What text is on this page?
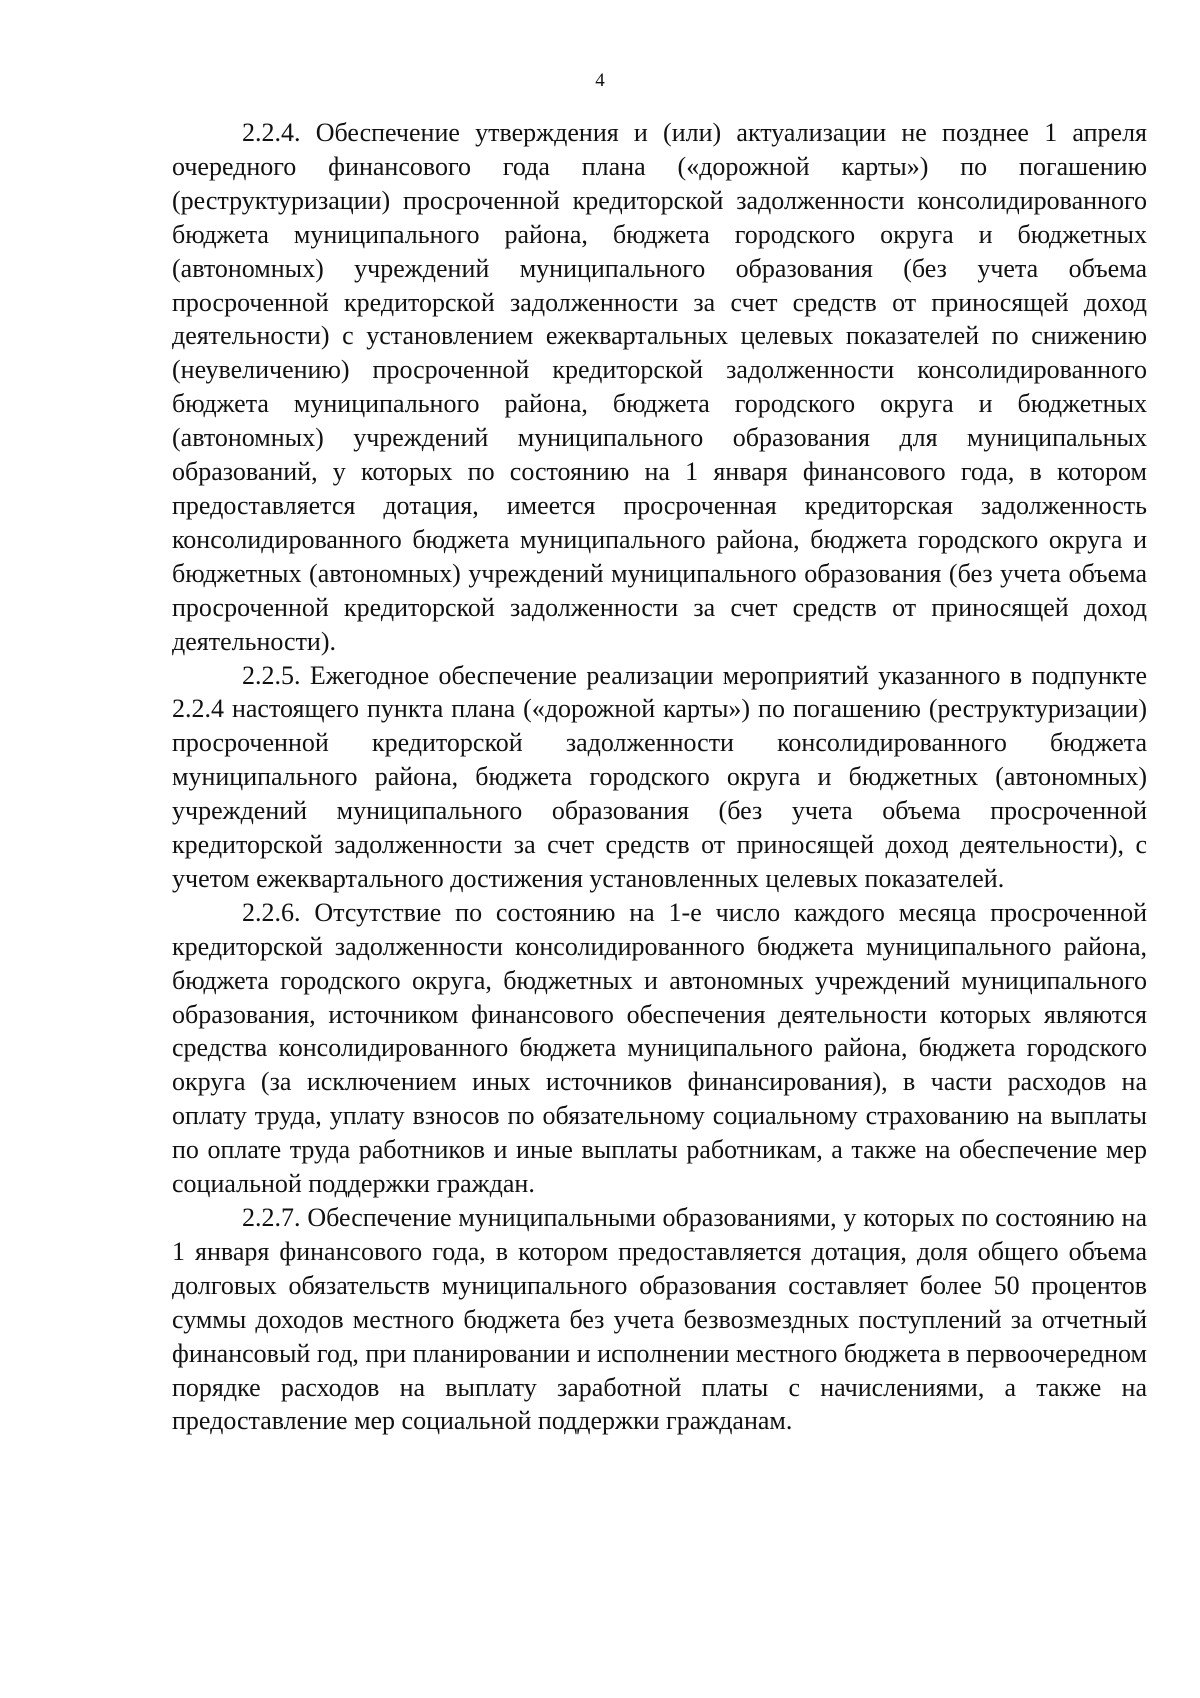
4

2.2.4. Обеспечение утверждения и (или) актуализации не позднее 1 апреля очередного финансового года плана («дорожной карты») по погашению (реструктуризации) просроченной кредиторской задолженности консолидированного бюджета муниципального района, бюджета городского округа и бюджетных (автономных) учреждений муниципального образования (без учета объема просроченной кредиторской задолженности за счет средств от приносящей доход деятельности) с установлением ежеквартальных целевых показателей по снижению (неувеличению) просроченной кредиторской задолженности консолидированного бюджета муниципального района, бюджета городского округа и бюджетных (автономных) учреждений муниципального образования для муниципальных образований, у которых по состоянию на 1 января финансового года, в котором предоставляется дотация, имеется просроченная кредиторская задолженность консолидированного бюджета муниципального района, бюджета городского округа и бюджетных (автономных) учреждений муниципального образования (без учета объема просроченной кредиторской задолженности за счет средств от приносящей доход деятельности).

2.2.5. Ежегодное обеспечение реализации мероприятий указанного в подпункте 2.2.4 настоящего пункта плана («дорожной карты») по погашению (реструктуризации) просроченной кредиторской задолженности консолидированного бюджета муниципального района, бюджета городского округа и бюджетных (автономных) учреждений муниципального образования (без учета объема просроченной кредиторской задолженности за счет средств от приносящей доход деятельности), с учетом ежеквартального достижения установленных целевых показателей.

2.2.6. Отсутствие по состоянию на 1-е число каждого месяца просроченной кредиторской задолженности консолидированного бюджета муниципального района, бюджета городского округа, бюджетных и автономных учреждений муниципального образования, источником финансового обеспечения деятельности которых являются средства консолидированного бюджета муниципального района, бюджета городского округа (за исключением иных источников финансирования), в части расходов на оплату труда, уплату взносов по обязательному социальному страхованию на выплаты по оплате труда работников и иные выплаты работникам, а также на обеспечение мер социальной поддержки граждан.

2.2.7. Обеспечение муниципальными образованиями, у которых по состоянию на 1 января финансового года, в котором предоставляется дотация, доля общего объема долговых обязательств муниципального образования составляет более 50 процентов суммы доходов местного бюджета без учета безвозмездных поступлений за отчетный финансовый год, при планировании и исполнении местного бюджета в первоочередном порядке расходов на выплату заработной платы с начислениями, а также на предоставление мер социальной поддержки гражданам.
